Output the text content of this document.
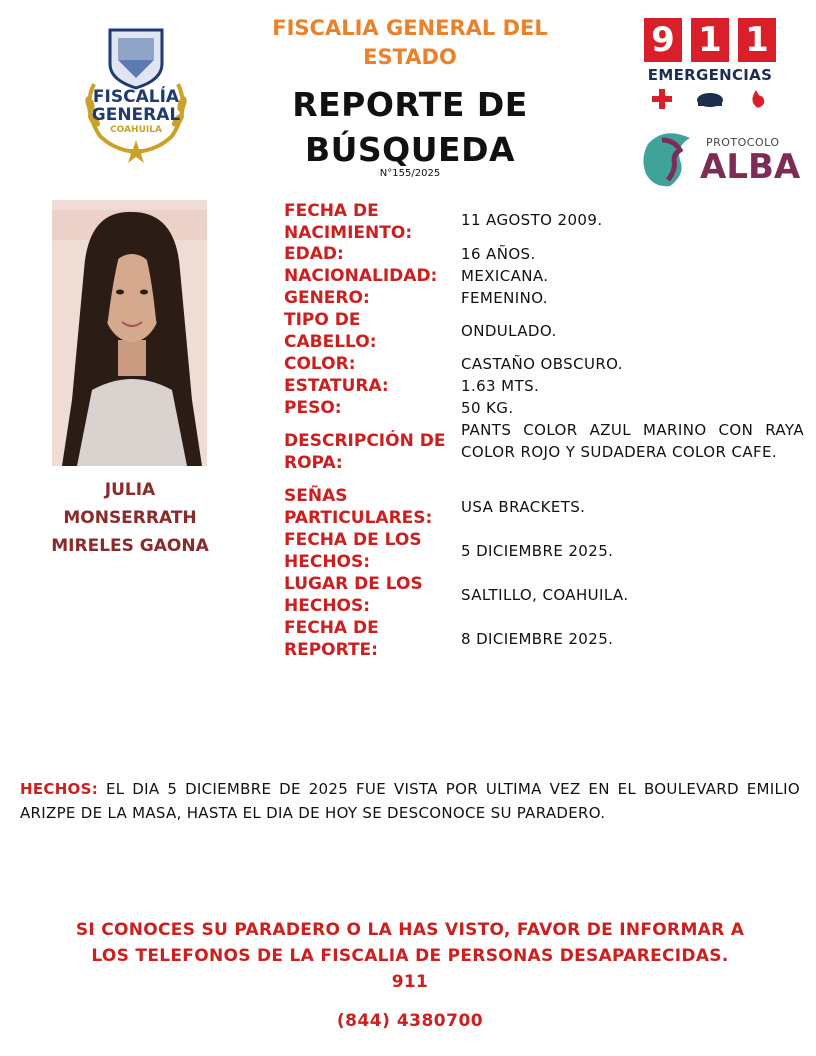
FISCALÍA
GENERAL
COAHUILA
FISCALIA GENERAL DEL
ESTADO
REPORTE DE
BÚSQUEDA
N°155/2025
9 1 1
EMERGENCIAS
PROTOCOLO
ALBA
JULIA
MONSERRATH
MIRELES GAONA
FECHA DE
NACIMIENTO:
11 AGOSTO 2009.
EDAD:	16 AÑOS.
NACIONALIDAD:	MEXICANA.
GENERO:	FEMENINO.
TIPO DE
CABELLO:
ONDULADO.
COLOR:	CASTAÑO OBSCURO.
ESTATURA:	1.63 MTS.
PESO:	50 KG.
DESCRIPCIÓN DE
ROPA:
PANTS COLOR AZUL MARINO CON RAYA COLOR ROJO Y SUDADERA COLOR CAFE.
SEÑAS
PARTICULARES:
USA BRACKETS.
FECHA DE LOS
HECHOS:
5 DICIEMBRE 2025.
LUGAR DE LOS
HECHOS:
SALTILLO, COAHUILA.
FECHA DE
REPORTE:
8 DICIEMBRE 2025.
HECHOS: EL DIA 5 DICIEMBRE DE 2025 FUE VISTA POR ULTIMA VEZ EN EL BOULEVARD EMILIO ARIZPE DE LA MASA, HASTA EL DIA DE HOY SE DESCONOCE SU PARADERO.
SI CONOCES SU PARADERO O LA HAS VISTO, FAVOR DE INFORMAR A
LOS TELEFONOS DE LA FISCALIA DE PERSONAS DESAPARECIDAS.
911
(844) 4380700
